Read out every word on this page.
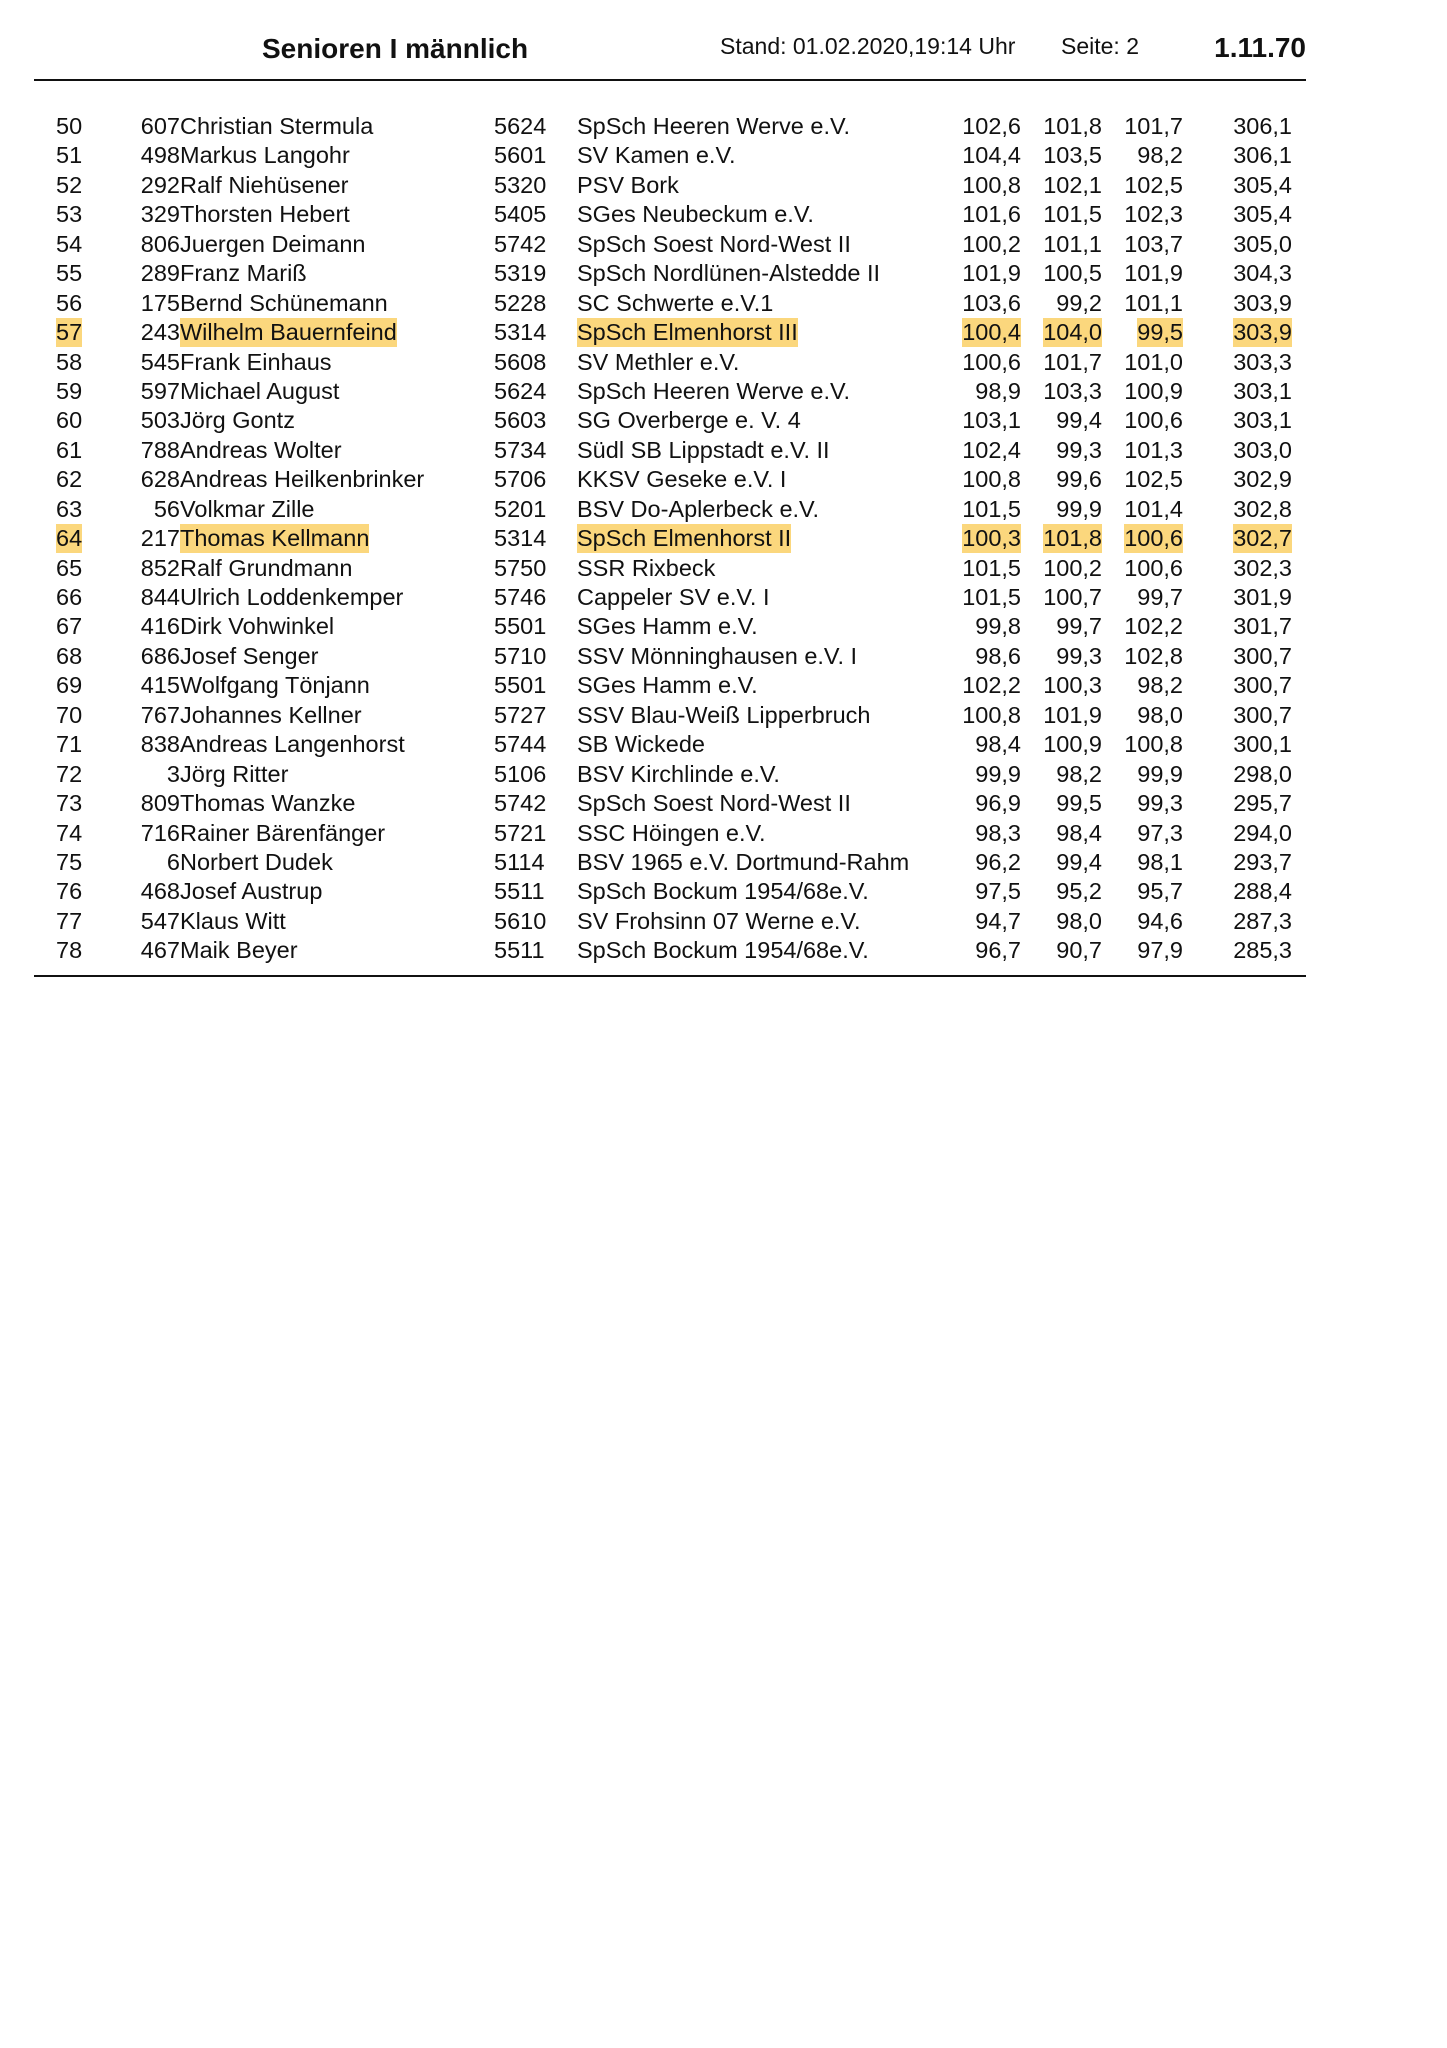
Senioren I männlich	Stand: 01.02.2020,19:14 Uhr Seite: 2	1.11.70
50 607 Christian Stermula	5624 SpSch Heeren Werve e.V.	102,6 101,8 101,7 306,1
51 498 Markus Langohr	5601 SV Kamen e.V.	104,4 103,5 98,2 306,1
52 292 Ralf Niehüsener	5320 PSV Bork	100,8 102,1 102,5 305,4
53 329 Thorsten Hebert	5405 SGes Neubeckum e.V.	101,6 101,5 102,3 305,4
54 806 Juergen Deimann	5742 SpSch Soest Nord-West II	100,2 101,1 103,7 305,0
55 289 Franz Mariß	5319 SpSch Nordlünen-Alstedde II	101,9 100,5 101,9 304,3
56 175 Bernd Schünemann	5228 SC Schwerte e.V.1	103,6 99,2 101,1 303,9
57 243 Wilhelm Bauernfeind	5314 SpSch Elmenhorst III	100,4 104,0 99,5 303,9
58 545 Frank Einhaus	5608 SV Methler e.V.	100,6 101,7 101,0 303,3
59 597 Michael August	5624 SpSch Heeren Werve e.V.	98,9 103,3 100,9 303,1
60 503 Jörg Gontz	5603 SG Overberge e. V. 4	103,1 99,4 100,6 303,1
61 788 Andreas Wolter	5734 Südl SB Lippstadt e.V. II	102,4 99,3 101,3 303,0
62 628 Andreas Heilkenbrinker	5706 KKSV Geseke e.V. I	100,8 99,6 102,5 302,9
63	56 Volkmar Zille	5201 BSV Do-Aplerbeck e.V.	101,5 99,9 101,4 302,8
64 217 Thomas Kellmann	5314 SpSch Elmenhorst II	100,3 101,8 100,6 302,7
65 852 Ralf Grundmann	5750 SSR Rixbeck	101,5 100,2 100,6 302,3
66 844 Ulrich Loddenkemper	5746 Cappeler SV e.V. I	101,5 100,7 99,7 301,9
67 416 Dirk Vohwinkel	5501 SGes Hamm e.V.	99,8 99,7 102,2 301,7
68 686 Josef Senger	5710 SSV Mönninghausen e.V. I	98,6 99,3 102,8 300,7
69 415 Wolfgang Tönjann	5501 SGes Hamm e.V.	102,2 100,3 98,2 300,7
70 767 Johannes Kellner	5727 SSV Blau-Weiß Lipperbruch	100,8 101,9 98,0 300,7
71 838 Andreas Langenhorst	5744 SB Wickede	98,4 100,9 100,8 300,1
72	3 Jörg Ritter	5106 BSV Kirchlinde e.V.	99,9 98,2 99,9 298,0
73 809 Thomas Wanzke	5742 SpSch Soest Nord-West II	96,9 99,5 99,3 295,7
74 716 Rainer Bärenfänger	5721 SSC Höingen e.V.	98,3 98,4 97,3 294,0
75	6 Norbert Dudek	5114 BSV 1965 e.V. Dortmund-Rahm	96,2 99,4 98,1 293,7
76 468 Josef Austrup	5511 SpSch Bockum 1954/68e.V.	97,5 95,2 95,7 288,4
77 547 Klaus Witt	5610 SV Frohsinn 07 Werne e.V.	94,7 98,0 94,6 287,3
78 467 Maik Beyer	5511 SpSch Bockum 1954/68e.V.	96,7 90,7 97,9 285,3
